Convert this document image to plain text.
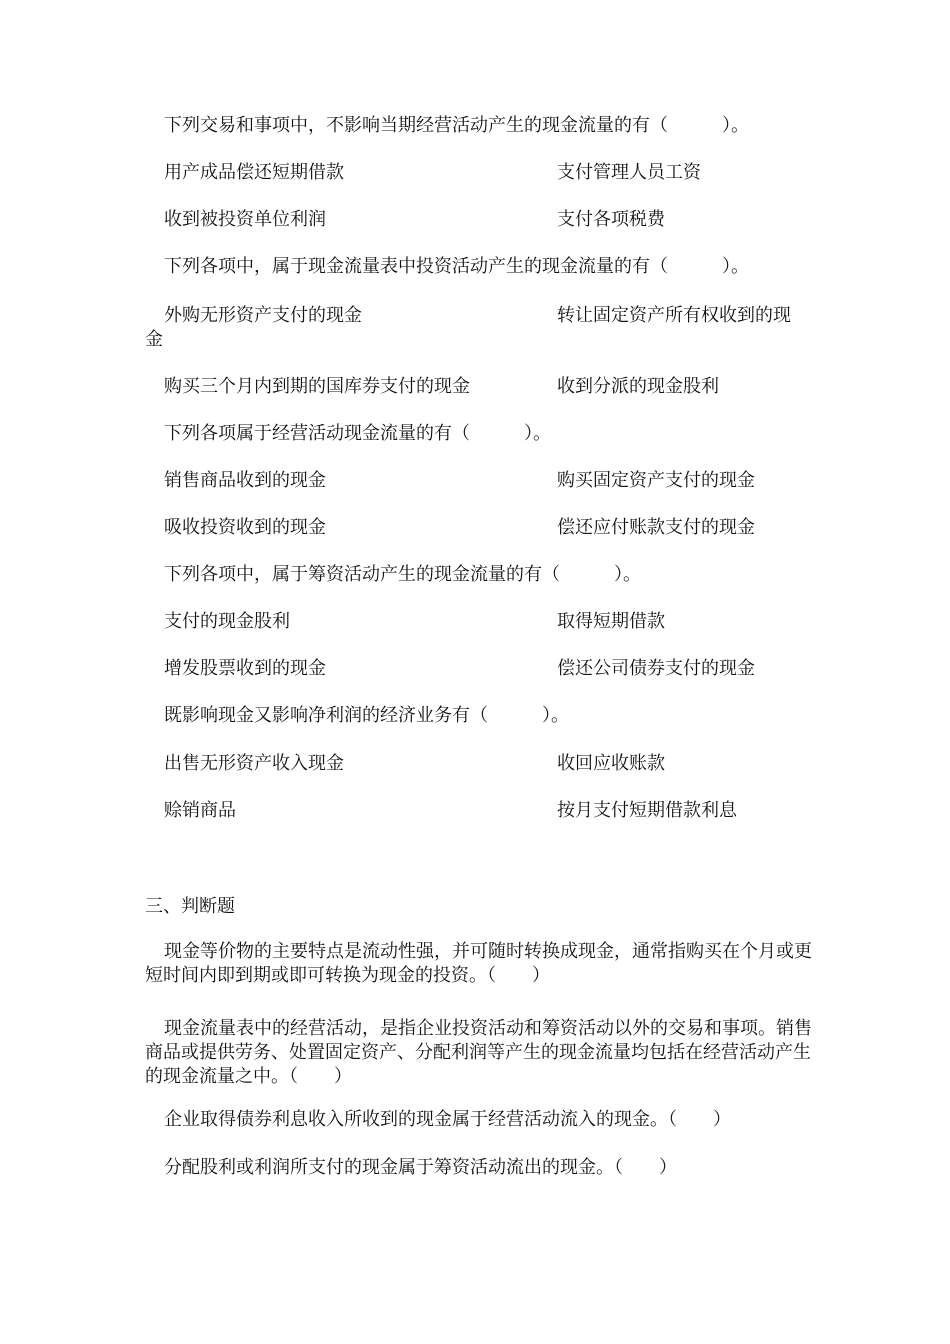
下列交易和事项中，不影响当期经营活动产生的现金流量的有（　　　）。
用产成品偿还短期借款	支付管理人员工资
收到被投资单位利润	支付各项税费
下列各项中，属于现金流量表中投资活动产生的现金流量的有（　　　）。
外购无形资产支付的现金	转让固定资产所有权收到的现
金
购买三个月内到期的国库券支付的现金	收到分派的现金股利
下列各项属于经营活动现金流量的有（　　　）。
销售商品收到的现金	购买固定资产支付的现金
吸收投资收到的现金	偿还应付账款支付的现金
下列各项中，属于筹资活动产生的现金流量的有（　　　）。
支付的现金股利	取得短期借款
增发股票收到的现金	偿还公司债券支付的现金
既影响现金又影响净利润的经济业务有（　　　）。
出售无形资产收入现金	收回应收账款
赊销商品	按月支付短期借款利息
三、判断题
现金等价物的主要特点是流动性强，并可随时转换成现金，通常指购买在个月或更短时间内即到期或即可转换为现金的投资。（　　）
现金流量表中的经营活动，是指企业投资活动和筹资活动以外的交易和事项。销售商品或提供劳务、处置固定资产、分配利润等产生的现金流量均包括在经营活动产生的现金流量之中。（　　）
企业取得债券利息收入所收到的现金属于经营活动流入的现金。（　　）
分配股利或利润所支付的现金属于筹资活动流出的现金。（　　）
